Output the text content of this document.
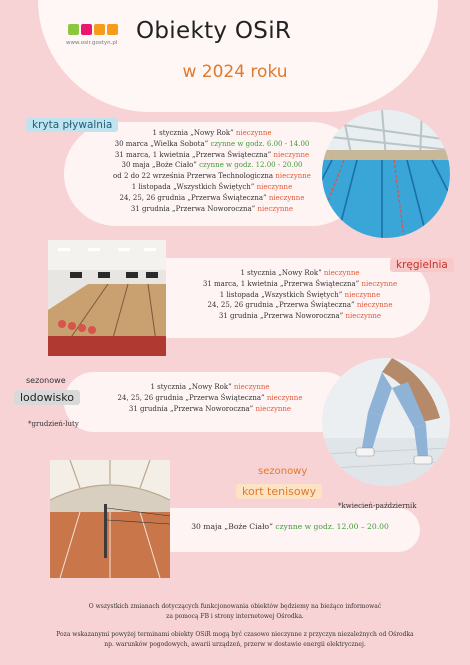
www.osir.gostyn.pl Obiekty OSiR
w 2024 roku
kryta pływalnia
1 stycznia „Nowy Rok” nieczynne
30 marca „Wielka Sobota” czynne w godz. 6.00 - 14.00
31 marca, 1 kwietnia „Przerwa Świąteczna” nieczynne
30 maja „Boże Ciało” czynne w godz. 12.00 - 20.00
od 2 do 22 września Przerwa Technologiczna nieczynne
1 listopada „Wszystkich Świętych” nieczynne
24, 25, 26 grudnia „Przerwa Świąteczna” nieczynne
31 grudnia „Przerwa Noworoczna” nieczynne
kręgielnia
1 stycznia „Nowy Rok” nieczynne
31 marca, 1 kwietnia „Przerwa Świąteczna” nieczynne
1 listopada „Wszystkich Świętych” nieczynne
24, 25, 26 grudnia „Przerwa Świąteczna” nieczynne
31 grudnia „Przerwa Noworoczna” nieczynne
sezonowe
lodowisko
*grudzień-luty
1 stycznia „Nowy Rok” nieczynne
24, 25, 26 grudnia „Przerwa Świąteczna” nieczynne
31 grudnia „Przerwa Noworoczna” nieczynne
sezonowy
kort tenisowy
*kwiecień-październik
30 maja „Boże Ciało” czynne w godz. 12.00 – 20.00
O wszystkich zmianach dotyczących funkcjonowania obiektów będziemy na bieżąco informować
za pomocą FB i strony internetowej Ośrodka.
Poza wskazanymi powyżej terminami obiekty OSiR mogą być czasowo nieczynne z przyczyn niezależnych od Ośrodka
np. warunków pogodowych, awarii urządzeń, przerw w dostawie energii elektrycznej.
